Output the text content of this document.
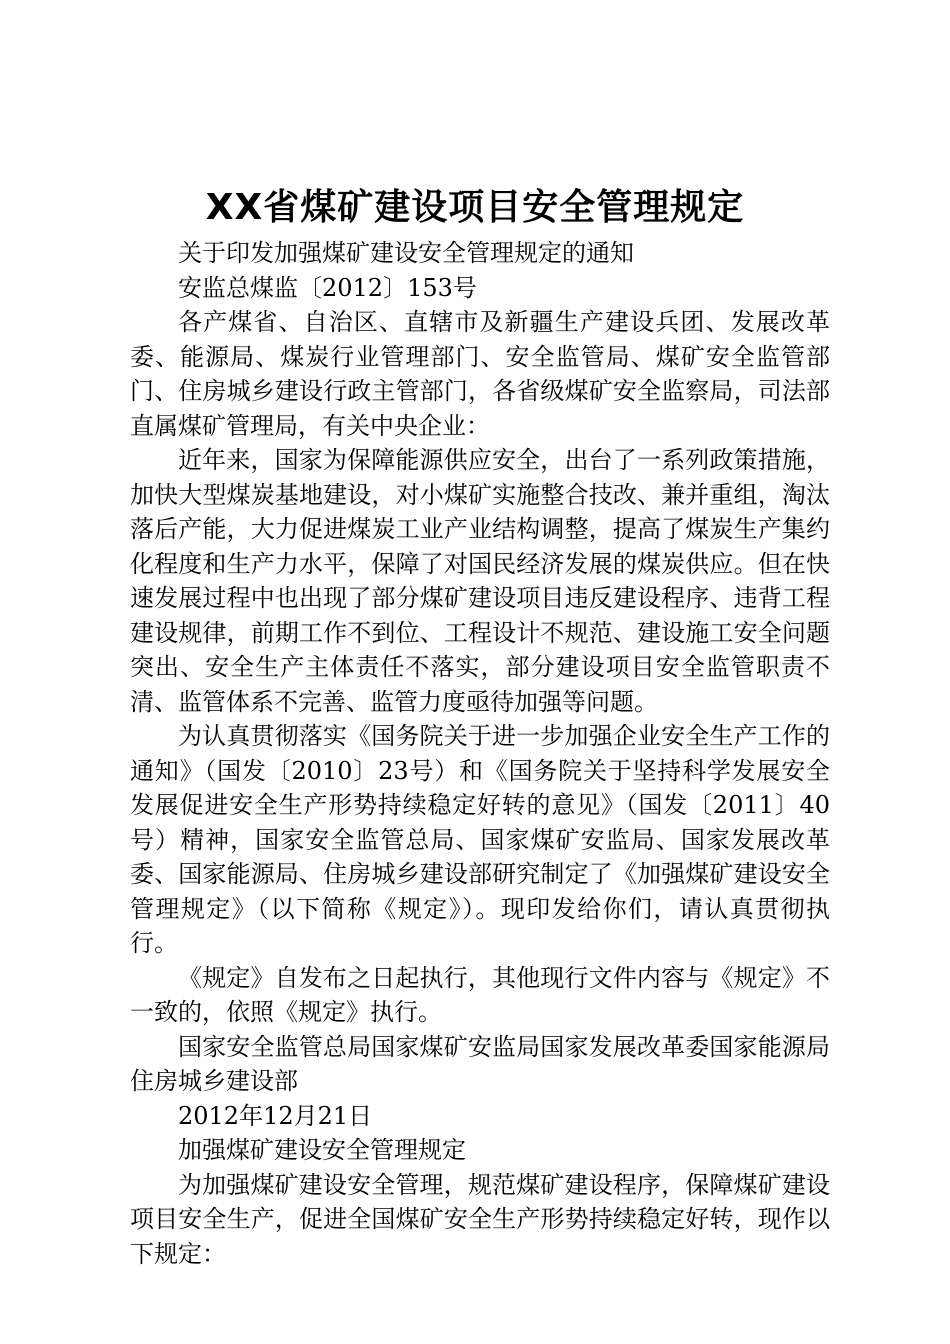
XX省煤矿建设项目安全管理规定

关于印发加强煤矿建设安全管理规定的通知

安监总煤监〔2012〕153号

各产煤省、自治区、直辖市及新疆生产建设兵团、发展改革委、能源局、煤炭行业管理部门、安全监管局、煤矿安全监管部门、住房城乡建设行政主管部门，各省级煤矿安全监察局，司法部直属煤矿管理局，有关中央企业：

近年来，国家为保障能源供应安全，出台了一系列政策措施，加快大型煤炭基地建设，对小煤矿实施整合技改、兼并重组，淘汰落后产能，大力促进煤炭工业产业结构调整，提高了煤炭生产集约化程度和生产力水平，保障了对国民经济发展的煤炭供应。但在快速发展过程中也出现了部分煤矿建设项目违反建设程序、违背工程建设规律，前期工作不到位、工程设计不规范、建设施工安全问题突出、安全生产主体责任不落实，部分建设项目安全监管职责不清、监管体系不完善、监管力度亟待加强等问题。

为认真贯彻落实《国务院关于进一步加强企业安全生产工作的通知》（国发〔2010〕23号）和《国务院关于坚持科学发展安全发展促进安全生产形势持续稳定好转的意见》（国发〔2011〕40号）精神，国家安全监管总局、国家煤矿安监局、国家发展改革委、国家能源局、住房城乡建设部研究制定了《加强煤矿建设安全管理规定》（以下简称《规定》）。现印发给你们，请认真贯彻执行。

《规定》自发布之日起执行，其他现行文件内容与《规定》不一致的，依照《规定》执行。

国家安全监管总局国家煤矿安监局国家发展改革委国家能源局住房城乡建设部

2012年12月21日

加强煤矿建设安全管理规定

为加强煤矿建设安全管理，规范煤矿建设程序，保障煤矿建设项目安全生产，促进全国煤矿安全生产形势持续稳定好转，现作以下规定：
